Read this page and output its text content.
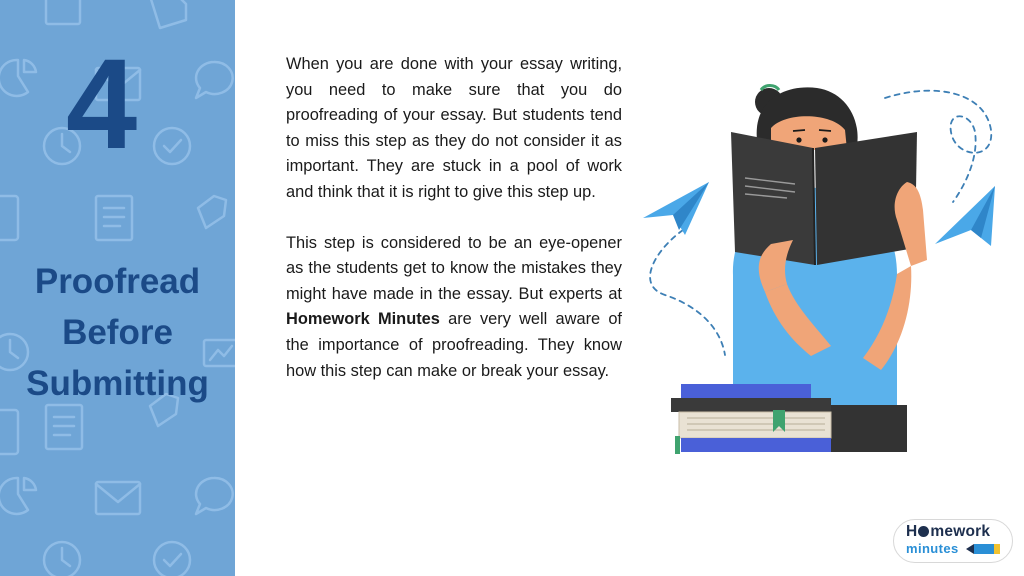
4
Proofread
Before
Submitting

When you are done with your essay writing, you need to make sure that you do proofreading of your essay. But students tend to miss this step as they do not consider it as important. They are stuck in a pool of work and think that it is right to give this step up.

This step is considered to be an eye-opener as the students get to know the mistakes they might have made in the essay. But experts at Homework Minutes are very well aware of the importance of proofreading. They know how this step can make or break your essay.

H mework
minutes
